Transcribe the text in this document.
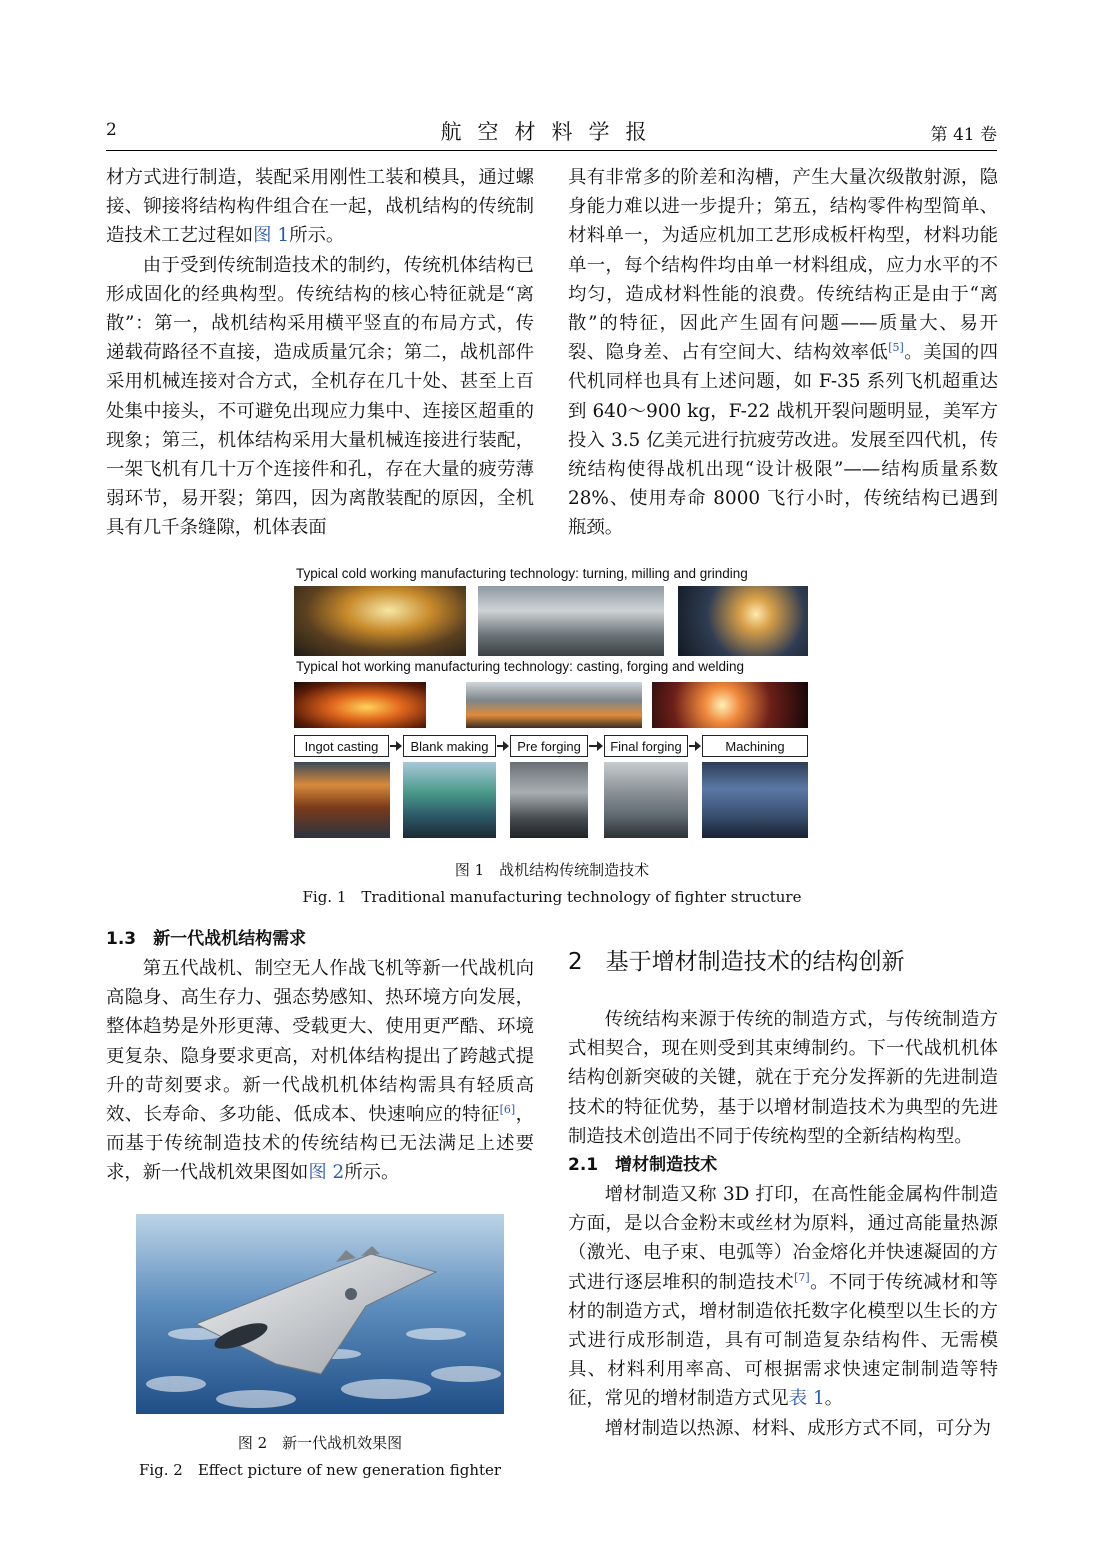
2	航空材料学报	第 41 卷

材方式进行制造，装配采用刚性工装和模具，通过螺接、铆接将结构构件组合在一起，战机结构的传统制造技术工艺过程如图 1所示。

由于受到传统制造技术的制约，传统机体结构已形成固化的经典构型。传统结构的核心特征就是“离散”：第一，战机结构采用横平竖直的布局方式，传递载荷路径不直接，造成质量冗余；第二，战机部件采用机械连接对合方式，全机存在几十处、甚至上百处集中接头，不可避免出现应力集中、连接区超重的现象；第三，机体结构采用大量机械连接进行装配，一架飞机有几十万个连接件和孔，存在大量的疲劳薄弱环节，易开裂；第四，因为离散装配的原因，全机具有几千条缝隙，机体表面

具有非常多的阶差和沟槽，产生大量次级散射源，隐身能力难以进一步提升；第五，结构零件构型简单、材料单一，为适应机加工艺形成板杆构型，材料功能单一，每个结构件均由单一材料组成，应力水平的不均匀，造成材料性能的浪费。传统结构正是由于“离散”的特征，因此产生固有问题——质量大、易开裂、隐身差、占有空间大、结构效率低[5]。美国的四代机同样也具有上述问题，如 F-35 系列飞机超重达到 640～900 kg，F-22 战机开裂问题明显，美军方投入 3.5 亿美元进行抗疲劳改进。发展至四代机，传统结构使得战机出现“设计极限”——结构质量系数 28%、使用寿命 8000 飞行小时，传统结构已遇到瓶颈。

Typical cold working manufacturing technology: turning, milling and grinding
Typical hot working manufacturing technology: casting, forging and welding
Ingot casting	Blank making	Pre forging	Final forging	Machining
图 1　战机结构传统制造技术
Fig. 1　Traditional manufacturing technology of fighter structure

1.3　新一代战机结构需求

第五代战机、制空无人作战飞机等新一代战机向高隐身、高生存力、强态势感知、热环境方向发展，整体趋势是外形更薄、受载更大、使用更严酷、环境更复杂、隐身要求更高，对机体结构提出了跨越式提升的苛刻要求。新一代战机机体结构需具有轻质高效、长寿命、多功能、低成本、快速响应的特征[6]，而基于传统制造技术的传统结构已无法满足上述要求，新一代战机效果图如图 2所示。

图 2　新一代战机效果图
Fig. 2　Effect picture of new generation fighter
2　基于增材制造技术的结构创新

传统结构来源于传统的制造方式，与传统制造方式相契合，现在则受到其束缚制约。下一代战机机体结构创新突破的关键，就在于充分发挥新的先进制造技术的特征优势，基于以增材制造技术为典型的先进制造技术创造出不同于传统构型的全新结构构型。

2.1　增材制造技术

增材制造又称 3D 打印，在高性能金属构件制造方面，是以合金粉末或丝材为原料，通过高能量热源（激光、电子束、电弧等）冶金熔化并快速凝固的方式进行逐层堆积的制造技术[7]。不同于传统减材和等材的制造方式，增材制造依托数字化模型以生长的方式进行成形制造，具有可制造复杂结构件、无需模具、材料利用率高、可根据需求快速定制制造等特征，常见的增材制造方式见表 1。

增材制造以热源、材料、成形方式不同，可分为
